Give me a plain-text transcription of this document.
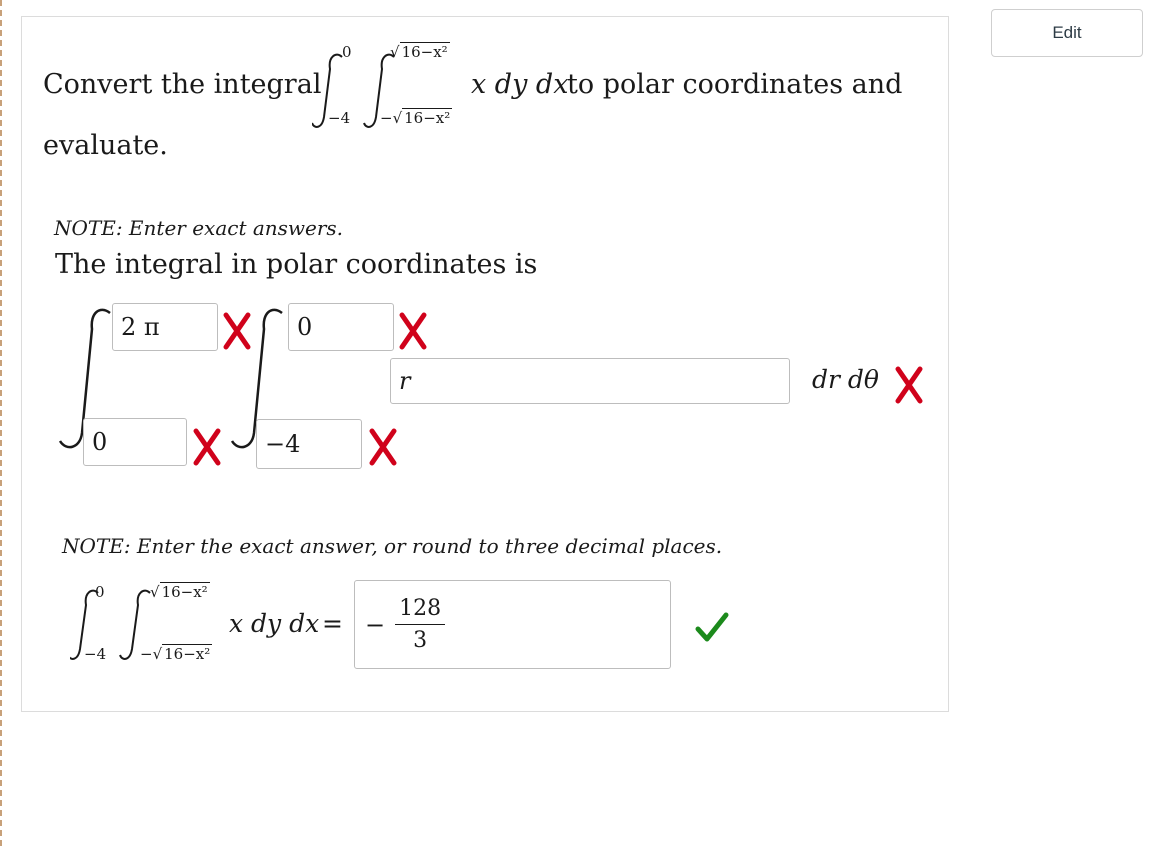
Edit
Convert the integral
0
−4
√ 16−x²
−√ 16−x²
x dy dx
to polar coordinates and
evaluate.
NOTE: Enter exact answers.
The integral in polar coordinates is
2 π	0
r	dr dθ
0	−4
NOTE: Enter the exact answer, or round to three decimal places.
0
−4
√ 16−x²
−√ 16−x²
x dy dx = −
128
3
